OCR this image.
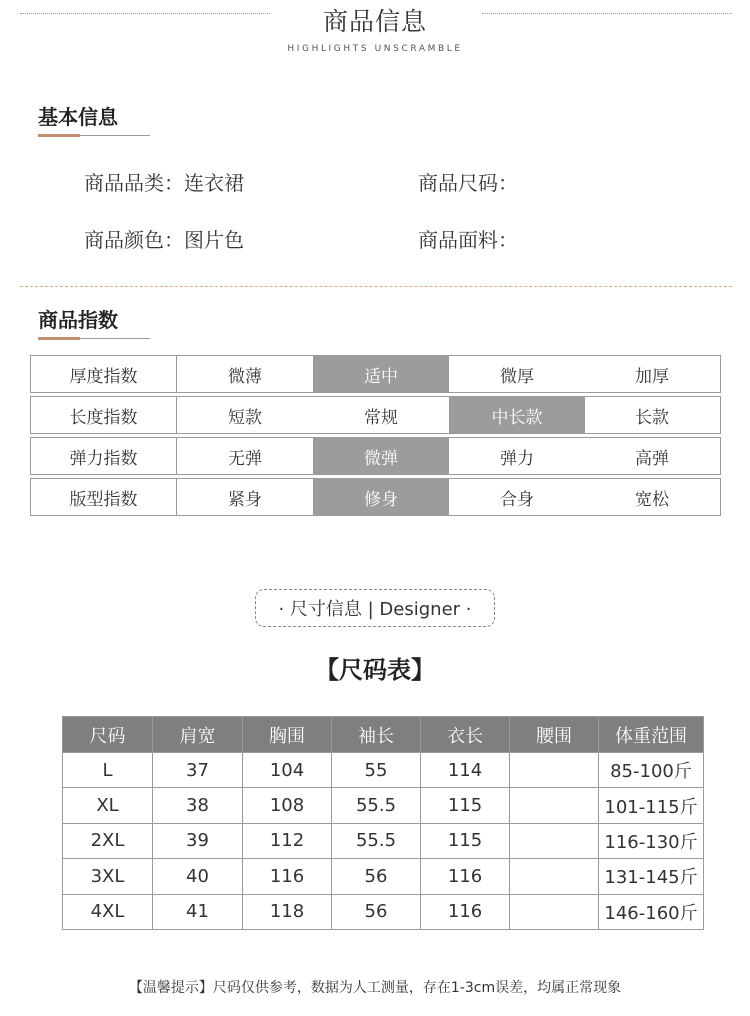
商品信息
HIGHLIGHTS UNSCRAMBLE
基本信息
商品品类：连衣裙	商品尺码：
商品颜色：图片色	商品面料：
商品指数
厚度指数	微薄	适中	微厚	加厚
长度指数	短款	常规	中长款	长款
弹力指数	无弹	微弹	弹力	高弹
版型指数	紧身	修身	合身	宽松
· 尺寸信息 | Designer ·
【尺码表】
尺码	肩宽	胸围	袖长	衣长	腰围	体重范围
L	37	104	55	114		85-100斤
XL	38	108	55.5	115		101-115斤
2XL	39	112	55.5	115		116-130斤
3XL	40	116	56	116		131-145斤
4XL	41	118	56	116		146-160斤
【温馨提示】尺码仅供参考，数据为人工测量，存在1-3cm误差，均属正常现象
